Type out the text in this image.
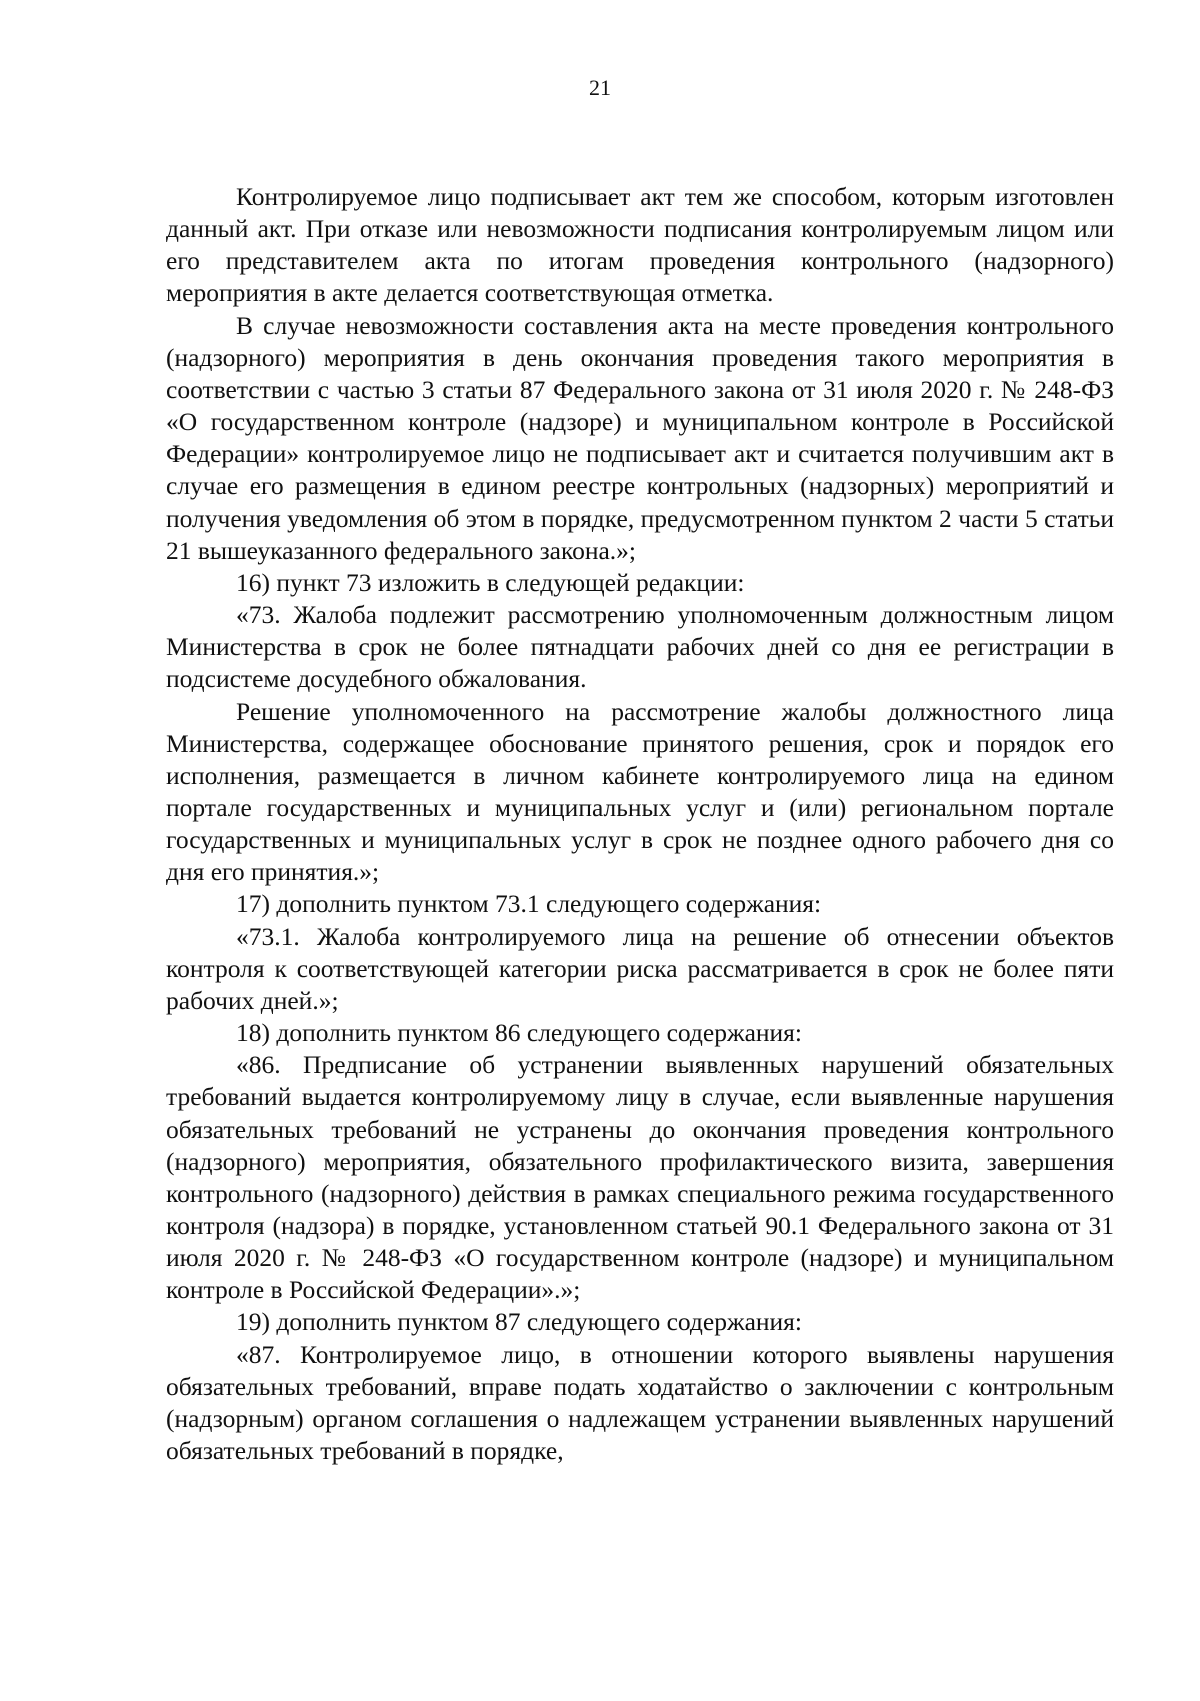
21

Контролируемое лицо подписывает акт тем же способом, которым изготовлен данный акт. При отказе или невозможности подписания контролируемым лицом или его представителем акта по итогам проведения контрольного (надзорного) мероприятия в акте делается соответствующая отметка.

В случае невозможности составления акта на месте проведения контрольного (надзорного) мероприятия в день окончания проведения такого мероприятия в соответствии с частью 3 статьи 87 Федерального закона от 31 июля 2020 г. № 248-ФЗ «О государственном контроле (надзоре) и муниципальном контроле в Российской Федерации» контролируемое лицо не подписывает акт и считается получившим акт в случае его размещения в едином реестре контрольных (надзорных) мероприятий и получения уведомления об этом в порядке, предусмотренном пунктом 2 части 5 статьи 21 вышеуказанного федерального закона.»;

16) пункт 73 изложить в следующей редакции:

«73. Жалоба подлежит рассмотрению уполномоченным должностным лицом Министерства в срок не более пятнадцати рабочих дней со дня ее регистрации в подсистеме досудебного обжалования.

Решение уполномоченного на рассмотрение жалобы должностного лица Министерства, содержащее обоснование принятого решения, срок и порядок его исполнения, размещается в личном кабинете контролируемого лица на едином портале государственных и муниципальных услуг и (или) региональном портале государственных и муниципальных услуг в срок не позднее одного рабочего дня со дня его принятия.»;

17) дополнить пунктом 73.1 следующего содержания:

«73.1. Жалоба контролируемого лица на решение об отнесении объектов контроля к соответствующей категории риска рассматривается в срок не более пяти рабочих дней.»;

18) дополнить пунктом 86 следующего содержания:

«86. Предписание об устранении выявленных нарушений обязательных требований выдается контролируемому лицу в случае, если выявленные нарушения обязательных требований не устранены до окончания проведения контрольного (надзорного) мероприятия, обязательного профилактического визита, завершения контрольного (надзорного) действия в рамках специального режима государственного контроля (надзора) в порядке, установленном статьей 90.1 Федерального закона от 31 июля 2020 г. № 248-ФЗ «О государственном контроле (надзоре) и муниципальном контроле в Российской Федерации».»;

19) дополнить пунктом 87 следующего содержания:

«87. Контролируемое лицо, в отношении которого выявлены нарушения обязательных требований, вправе подать ходатайство о заключении с контрольным (надзорным) органом соглашения о надлежащем устранении выявленных нарушений обязательных требований в порядке,
